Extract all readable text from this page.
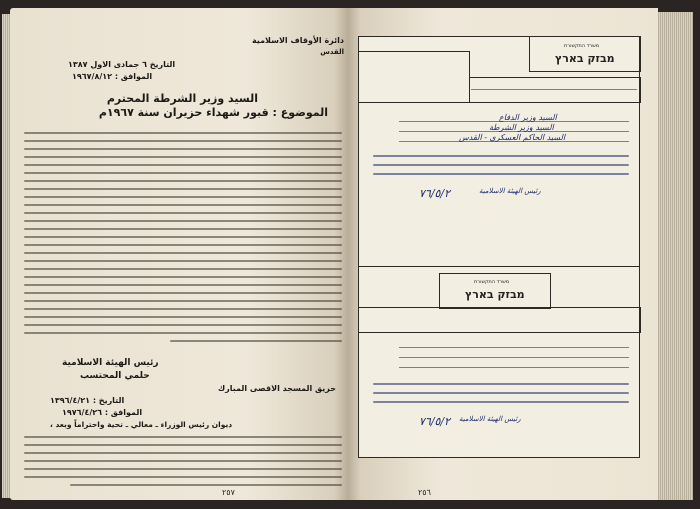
دائرة الأوقاف الاسلامية
القدس
التاريخ ٦ جمادى الاول ١٣٨٧
الموافق : ١٩٦٧/٨/١٢
السيد وزير الشرطة المحترم
الموضوع : قبور شهداء حزيران سنة ١٩٦٧م
رئيس الهيئة الاسلامية
حلمي المحتسب
حريق المسجد الاقصى المبارك
التاريخ : ١٣٩٦/٤/٢١
الموافق : ١٩٧٦/٤/٢٦
ديوان رئيس الوزراء ـ معالي ـ تحية واحتراماً وبعد ،
٢٥٧
משרד התקשורת
מבזק בארץ
السيد وزير الدفاع
السيد وزير الشرطة
السيد الحاكم العسكري - القدس
رئيس الهيئة الاسلامية
٧٦/٥/٢
משרד התקשורת
מבזק בארץ
رئيس الهيئة الاسلامية
٧٦/٥/٢
٢٥٦
